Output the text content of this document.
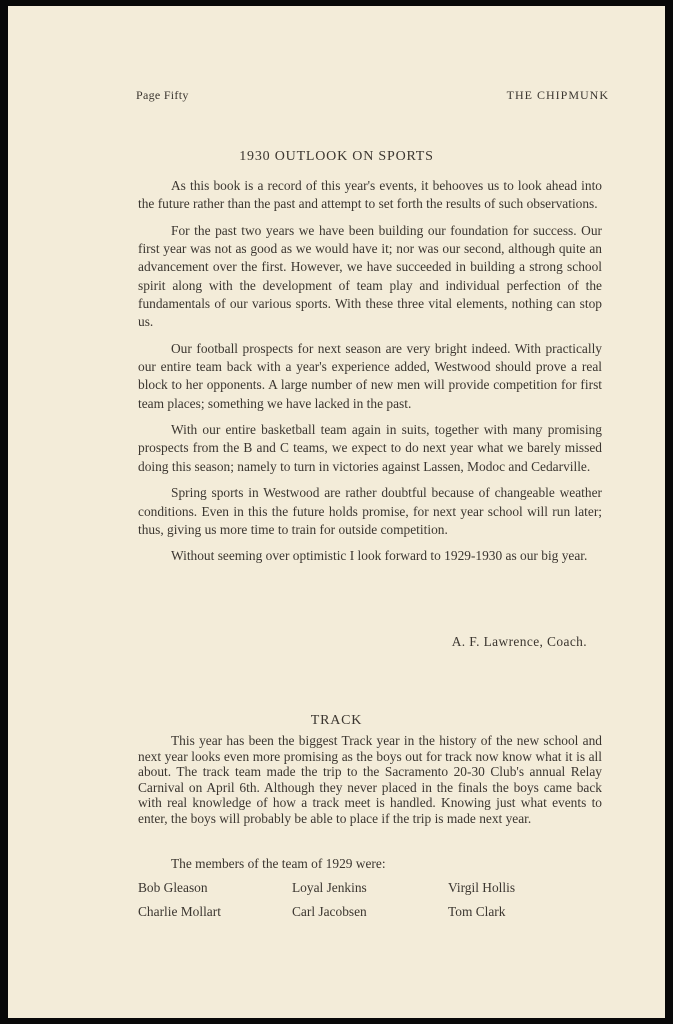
Page Fifty	THE CHIPMUNK
1930 OUTLOOK ON SPORTS

As this book is a record of this year's events, it behooves us to look ahead into the future rather than the past and attempt to set forth the results of such observations.

For the past two years we have been building our foundation for success. Our first year was not as good as we would have it; nor was our second, although quite an advancement over the first. However, we have succeeded in building a strong school spirit along with the development of team play and individual perfection of the fundamentals of our various sports. With these three vital elements, nothing can stop us.

Our football prospects for next season are very bright indeed. With practically our entire team back with a year's experience added, Westwood should prove a real block to her opponents. A large number of new men will provide competition for first team places; something we have lacked in the past.

With our entire basketball team again in suits, together with many promising prospects from the B and C teams, we expect to do next year what we barely missed doing this season; namely to turn in victories against Lassen, Modoc and Cedarville.

Spring sports in Westwood are rather doubtful because of changeable weather conditions. Even in this the future holds promise, for next year school will run later; thus, giving us more time to train for outside competition.

Without seeming over optimistic I look forward to 1929-1930 as our big year.

A. F. Lawrence, Coach.
TRACK

This year has been the biggest Track year in the history of the new school and next year looks even more promising as the boys out for track now know what it is all about. The track team made the trip to the Sacramento 20-30 Club's annual Relay Carnival on April 6th. Although they never placed in the finals the boys came back with real knowledge of how a track meet is handled. Knowing just what events to enter, the boys will probably be able to place if the trip is made next year.

The members of the team of 1929 were:
Bob Gleason	Loyal Jenkins	Virgil Hollis
Charlie Mollart	Carl Jacobsen	Tom Clark
